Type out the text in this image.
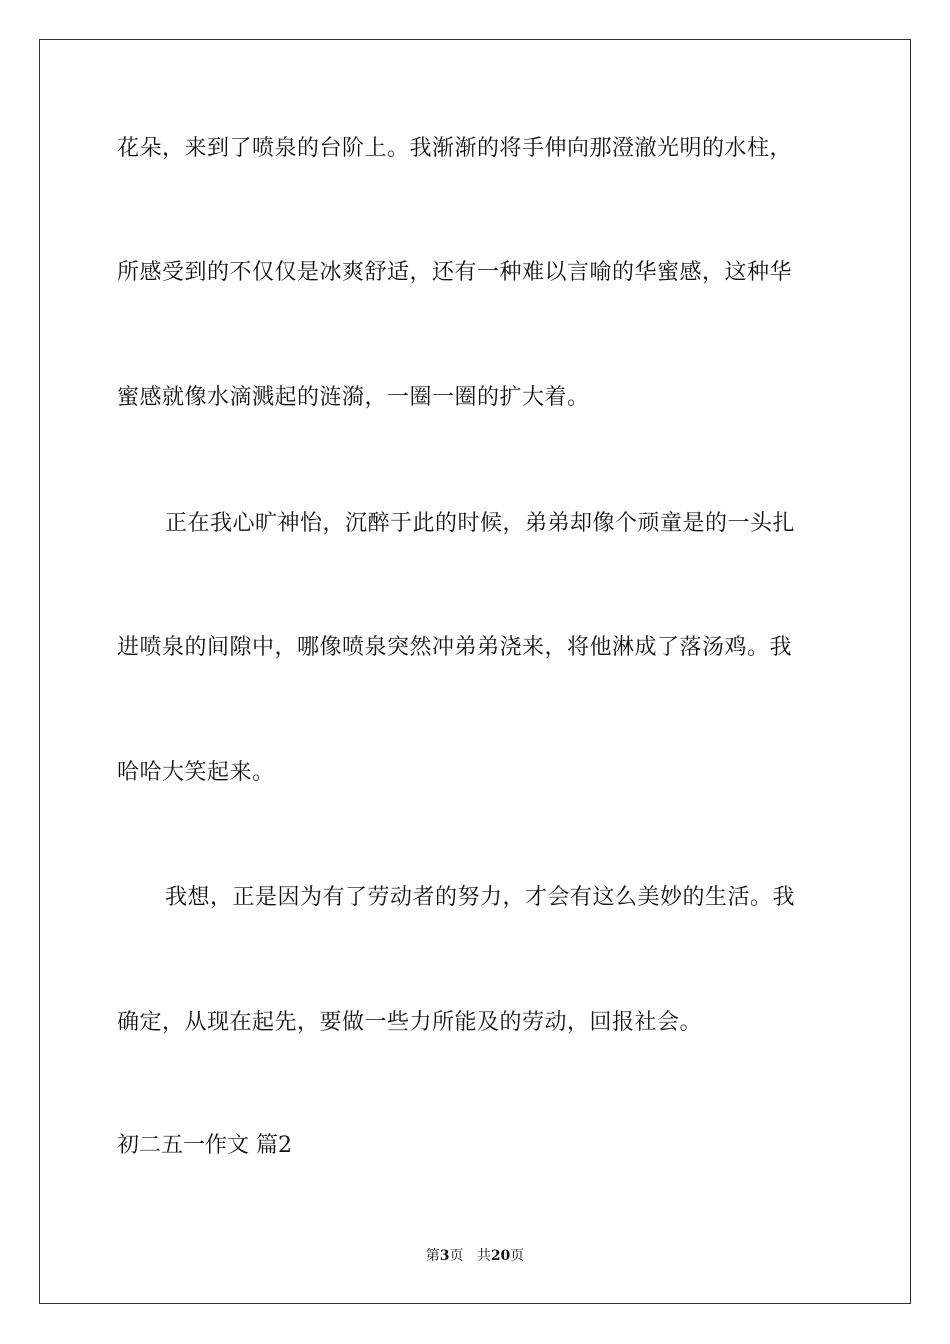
花朵，来到了喷泉的台阶上。我渐渐的将手伸向那澄澈光明的水柱，
所感受到的不仅仅是冰爽舒适，还有一种难以言喻的华蜜感，这种华
蜜感就像水滴溅起的涟漪，一圈一圈的扩大着。
正在我心旷神怡，沉醉于此的时候，弟弟却像个顽童是的一头扎
进喷泉的间隙中，哪像喷泉突然冲弟弟浇来，将他淋成了落汤鸡。我
哈哈大笑起来。
我想，正是因为有了劳动者的努力，才会有这么美妙的生活。我
确定，从现在起先，要做一些力所能及的劳动，回报社会。
初二五一作文 篇2
第3页 共20页
